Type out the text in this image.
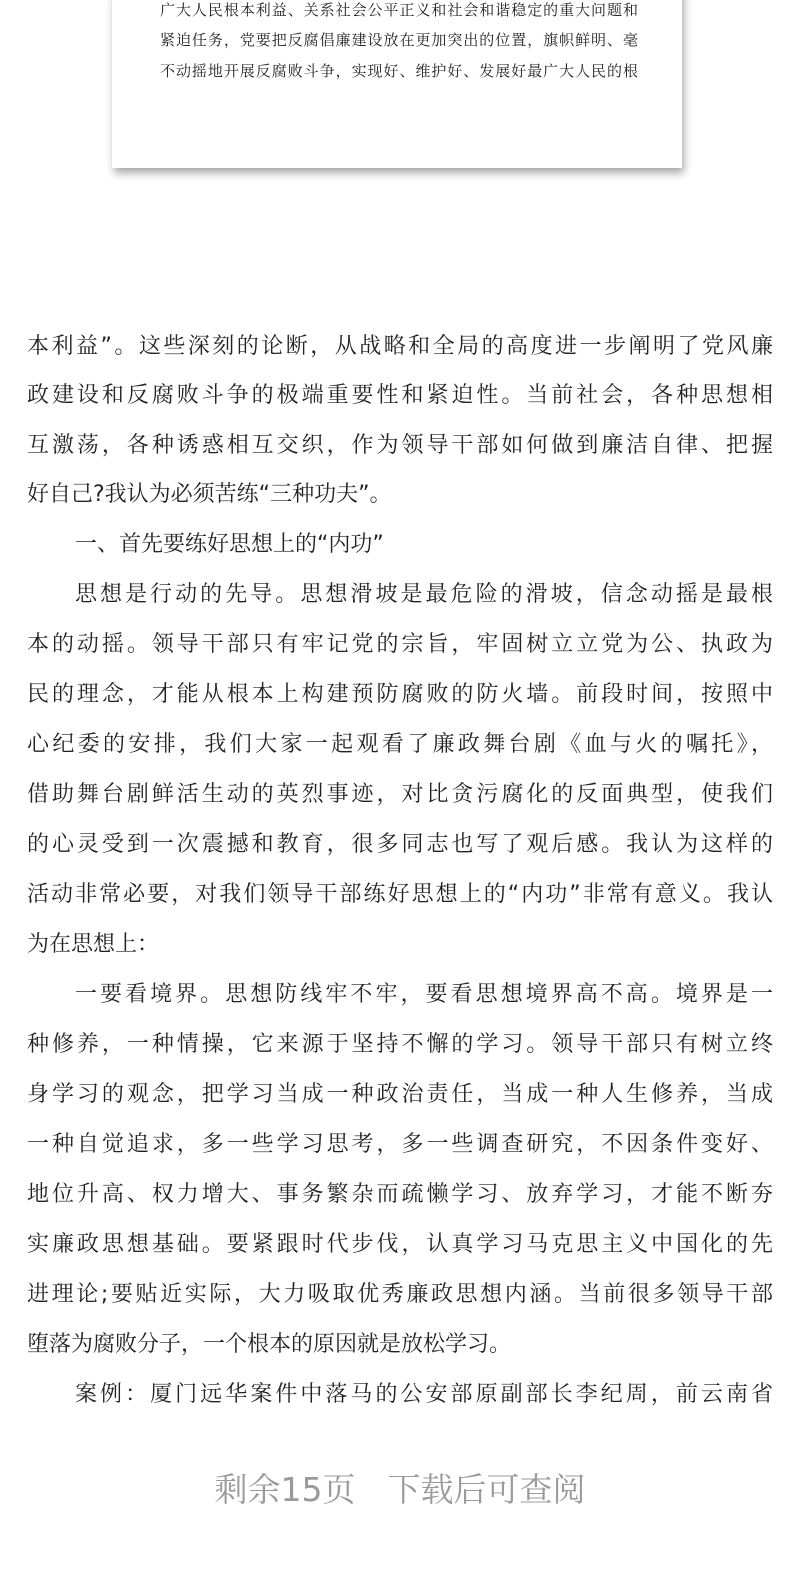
广大人民根本利益、关系社会公平正义和社会和谐稳定的重大问题和
紧迫任务，党要把反腐倡廉建设放在更加突出的位置，旗帜鲜明、毫
不动摇地开展反腐败斗争，实现好、维护好、发展好最广大人民的根
本利益”。这些深刻的论断，从战略和全局的高度进一步阐明了党风廉
政建设和反腐败斗争的极端重要性和紧迫性。当前社会，各种思想相
互激荡，各种诱惑相互交织，作为领导干部如何做到廉洁自律、把握
好自己?我认为必须苦练“三种功夫”。
一、首先要练好思想上的“内功”
思想是行动的先导。思想滑坡是最危险的滑坡，信念动摇是最根
本的动摇。领导干部只有牢记党的宗旨，牢固树立立党为公、执政为
民的理念，才能从根本上构建预防腐败的防火墙。前段时间，按照中
心纪委的安排，我们大家一起观看了廉政舞台剧《血与火的嘱托》，
借助舞台剧鲜活生动的英烈事迹，对比贪污腐化的反面典型，使我们
的心灵受到一次震撼和教育，很多同志也写了观后感。我认为这样的
活动非常必要，对我们领导干部练好思想上的“内功”非常有意义。我认
为在思想上：
一要看境界。思想防线牢不牢，要看思想境界高不高。境界是一
种修养，一种情操，它来源于坚持不懈的学习。领导干部只有树立终
身学习的观念，把学习当成一种政治责任，当成一种人生修养，当成
一种自觉追求，多一些学习思考，多一些调查研究，不因条件变好、
地位升高、权力增大、事务繁杂而疏懒学习、放弃学习，才能不断夯
实廉政思想基础。要紧跟时代步伐，认真学习马克思主义中国化的先
进理论;要贴近实际，大力吸取优秀廉政思想内涵。当前很多领导干部
堕落为腐败分子，一个根本的原因就是放松学习。
案例：厦门远华案件中落马的公安部原副部长李纪周，前云南省
剩余15页 下载后可查阅
